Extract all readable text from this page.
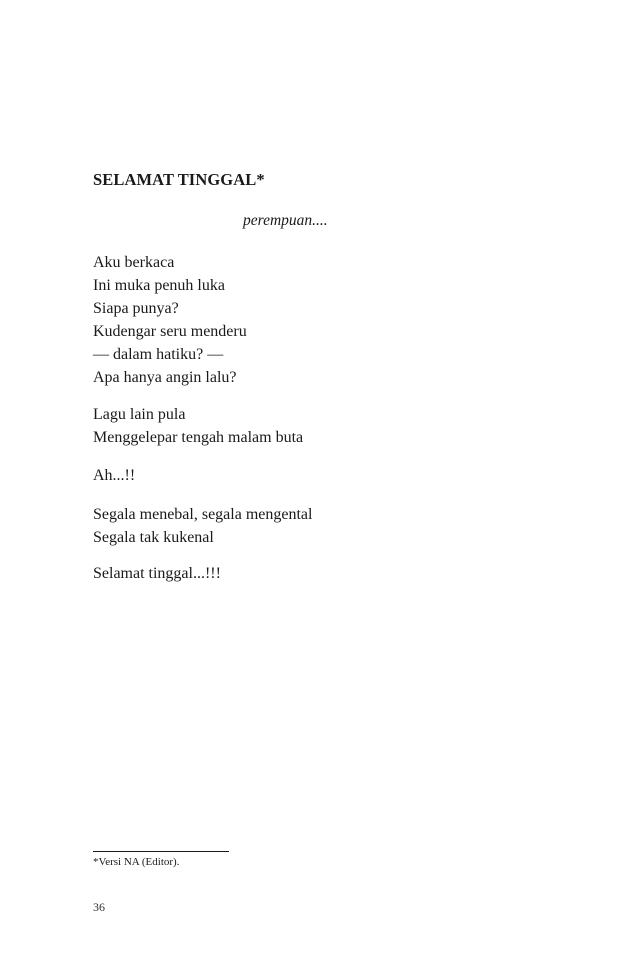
SELAMAT TINGGAL*
perempuan....
Aku berkaca
Ini muka penuh luka
Siapa punya?
Kudengar seru menderu
— dalam hatiku? —
Apa hanya angin lalu?
Lagu lain pula
Menggelepar tengah malam buta
Ah...!!
Segala menebal, segala mengental
Segala tak kukenal
Selamat tinggal...!!!
*Versi NA (Editor).
36
